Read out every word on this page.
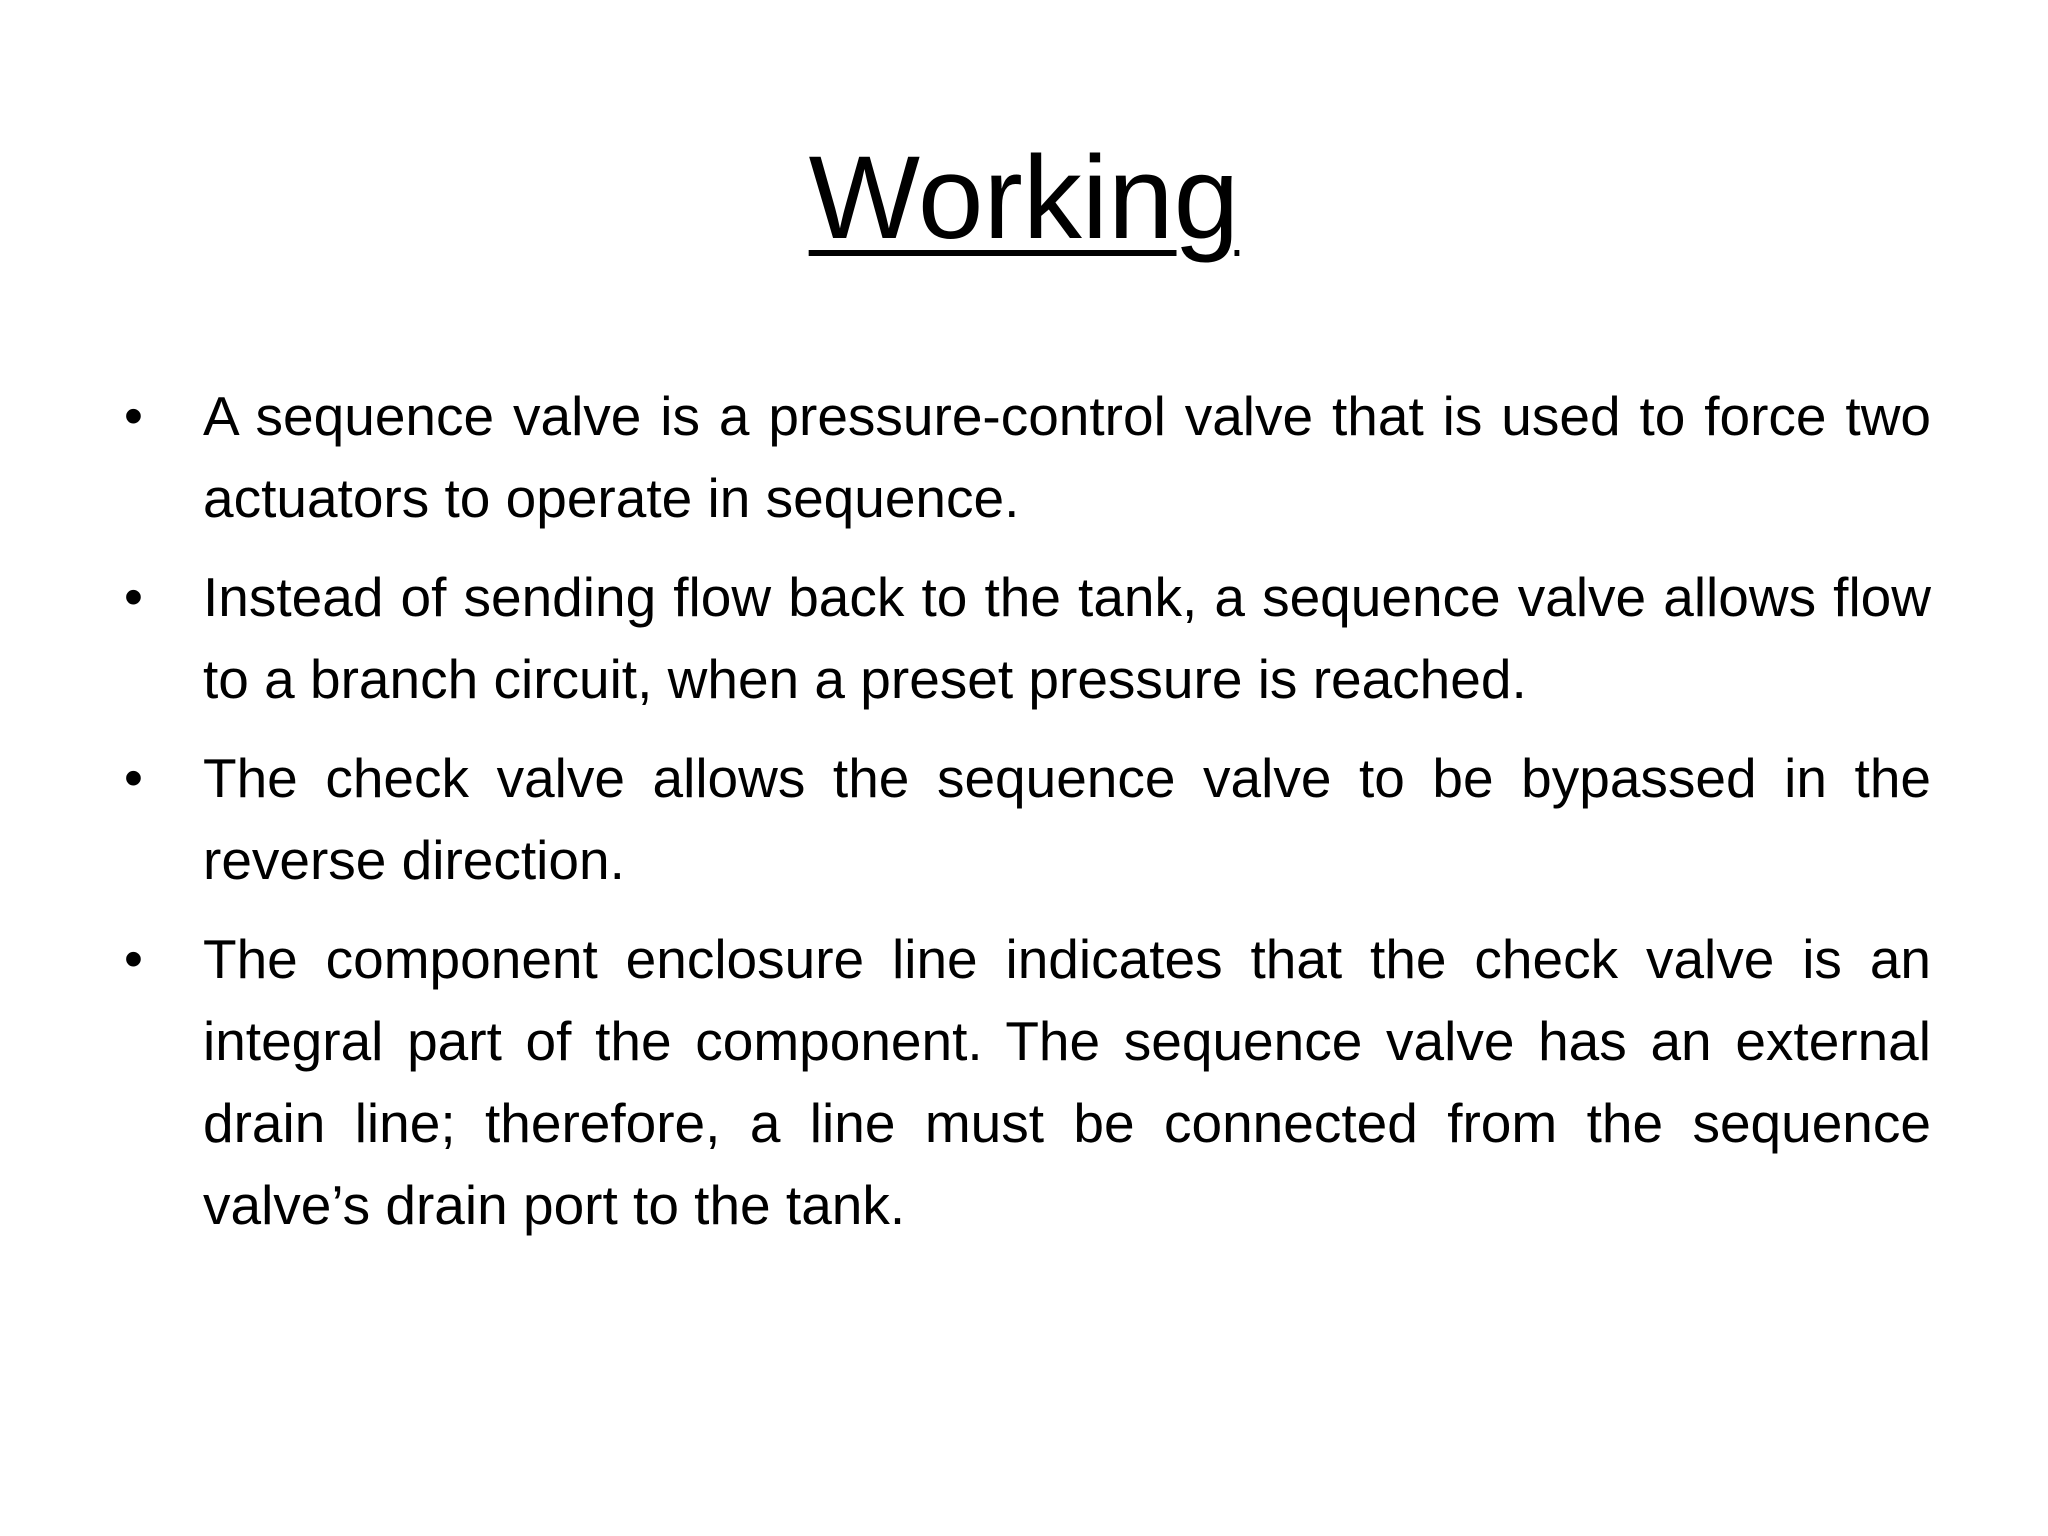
Working
• A sequence valve is a pressure-control valve that is used to force two actuators to operate in sequence.
• Instead of sending flow back to the tank, a sequence valve allows flow to a branch circuit, when a preset pressure is reached.
• The check valve allows the sequence valve to be bypassed in the reverse direction.
• The component enclosure line indicates that the check valve is an integral part of the component. The sequence valve has an external drain line; therefore, a line must be connected from the sequence valve’s drain port to the tank.
